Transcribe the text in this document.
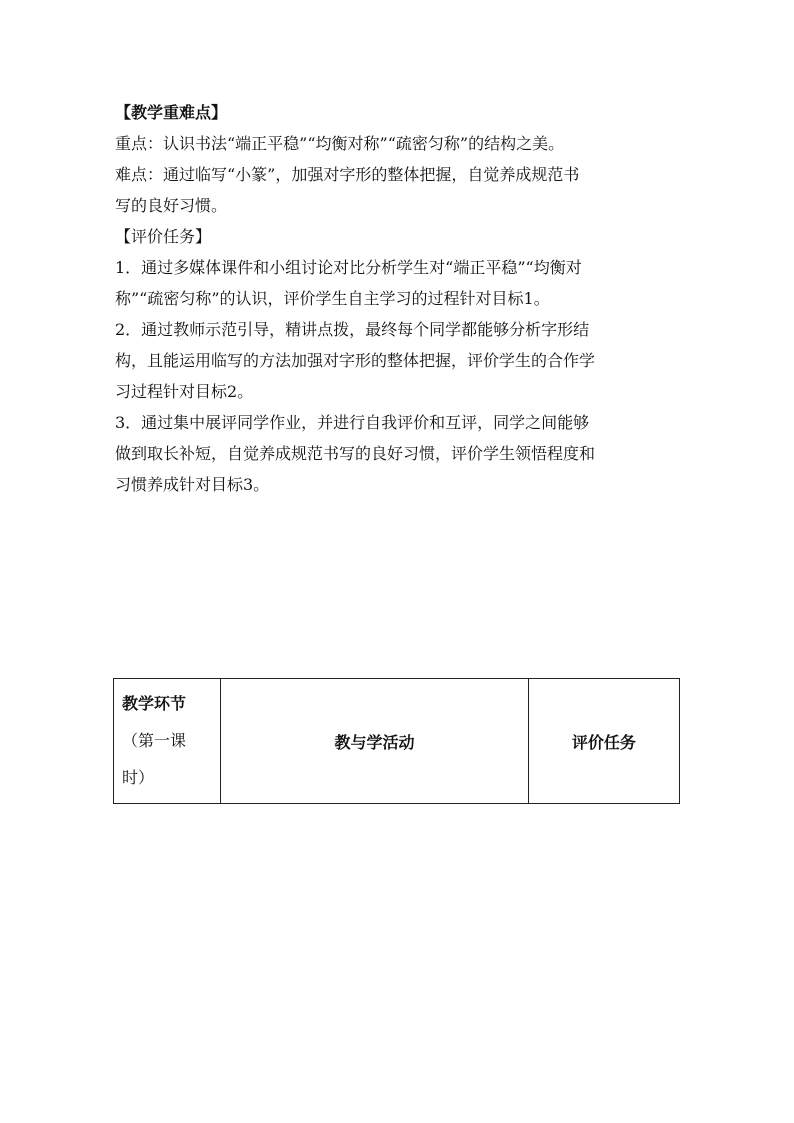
【教学重难点】

重点：认识书法“端正平稳”“均衡对称”“疏密匀称”的结构之美。

难点：通过临写“小篆”，加强对字形的整体把握，自觉养成规范书

写的良好习惯。

【评价任务】

1．通过多媒体课件和小组讨论对比分析学生对“端正平稳”“均衡对

称”“疏密匀称”的认识，评价学生自主学习的过程针对目标1。

2．通过教师示范引导，精讲点拨，最终每个同学都能够分析字形结

构，且能运用临写的方法加强对字形的整体把握，评价学生的合作学

习过程针对目标2。

3．通过集中展评同学作业，并进行自我评价和互评，同学之间能够

做到取长补短，自觉养成规范书写的良好习惯，评价学生领悟程度和

习惯养成针对目标3。

教学环节
（第一课
时）
	教与学活动	评价任务
